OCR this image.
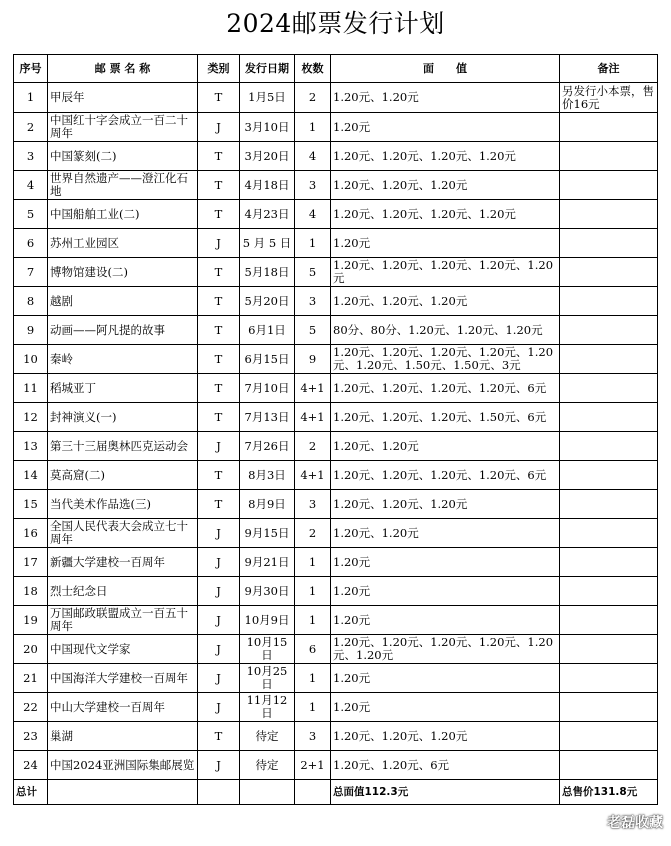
2024邮票发行计划
序号	邮 票 名 称	类别	发行日期	枚数	面　　值	备注
1	甲辰年	T	1月5日	2	1.20元、1.20元	另发行小本票，售价16元
2	中国红十字会成立一百二十周年	J	3月10日	1	1.20元	
3	中国篆刻(二)	T	3月20日	4	1.20元、1.20元、1.20元、1.20元	
4	世界自然遗产——澄江化石地	T	4月18日	3	1.20元、1.20元、1.20元	
5	中国船舶工业(二)	T	4月23日	4	1.20元、1.20元、1.20元、1.20元	
6	苏州工业园区	J	5 月 5 日	1	1.20元	
7	博物馆建设(二)	T	5月18日	5	1.20元、1.20元、1.20元、1.20元、1.20元	
8	越剧	T	5月20日	3	1.20元、1.20元、1.20元	
9	动画——阿凡提的故事	T	6月1日	5	80分、80分、1.20元、1.20元、1.20元	
10	秦岭	T	6月15日	9	1.20元、1.20元、1.20元、1.20元、1.20元、1.20元、1.50元、1.50元、3元	
11	稻城亚丁	T	7月10日	4+1	1.20元、1.20元、1.20元、1.20元、6元	
12	封神演义(一)	T	7月13日	4+1	1.20元、1.20元、1.20元、1.50元、6元	
13	第三十三届奥林匹克运动会	J	7月26日	2	1.20元、1.20元	
14	莫高窟(二)	T	8月3日	4+1	1.20元、1.20元、1.20元、1.20元、6元	
15	当代美术作品选(三)	T	8月9日	3	1.20元、1.20元、1.20元	
16	全国人民代表大会成立七十周年	J	9月15日	2	1.20元、1.20元	
17	新疆大学建校一百周年	J	9月21日	1	1.20元	
18	烈士纪念日	J	9月30日	1	1.20元	
19	万国邮政联盟成立一百五十周年	J	10月9日	1	1.20元	
20	中国现代文学家	J	10月15日	6	1.20元、1.20元、1.20元、1.20元、1.20元、1.20元	
21	中国海洋大学建校一百周年	J	10月25日	1	1.20元	
22	中山大学建校一百周年	J	11月12日	1	1.20元	
23	巢湖	T	待定	3	1.20元、1.20元、1.20元	
24	中国2024亚洲国际集邮展览	J	待定	2+1	1.20元、1.20元、6元	
总计					总面值112.3元	总售价131.8元
老磊收藏
